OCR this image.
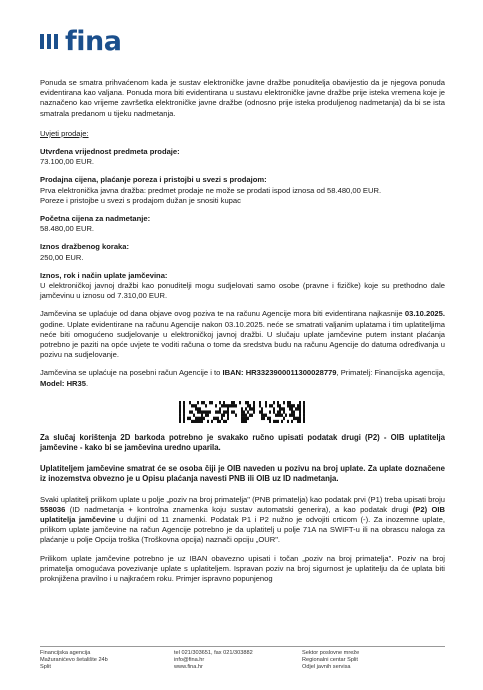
fina

Ponuda se smatra prihvaćenom kada je sustav elektroničke javne dražbe ponuditelja obavijestio da je njegova ponuda evidentirana kao valjana. Ponuda mora biti evidentirana u sustavu elektroničke javne dražbe prije isteka vremena koje je naznačeno kao vrijeme završetka elektroničke javne dražbe (odnosno prije isteka produljenog nadmetanja) da bi se ista smatrala predanom u tijeku nadmetanja.

Uvjeti prodaje:

Utvrđena vrijednost predmeta prodaje:

73.100,00 EUR.

Prodajna cijena, plaćanje poreza i pristojbi u svezi s prodajom:

Prva elektronička javna dražba: predmet prodaje ne može se prodati ispod iznosa od 58.480,00 EUR.

Poreze i pristojbe u svezi s prodajom dužan je snositi kupac

Početna cijena za nadmetanje:

58.480,00 EUR.

Iznos dražbenog koraka:

250,00 EUR.

Iznos, rok i način uplate jamčevina:

U elektroničkoj javnoj dražbi kao ponuditelji mogu sudjelovati samo osobe (pravne i fizičke) koje su prethodno dale jamčevinu u iznosu od 7.310,00 EUR.

Jamčevina se uplaćuje od dana objave ovog poziva te na računu Agencije mora biti evidentirana najkasnije 03.10.2025. godine. Uplate evidentirane na računu Agencije nakon 03.10.2025. neće se smatrati valjanim uplatama i tim uplatiteljima neće biti omogućeno sudjelovanje u elektroničkoj javnoj dražbi. U slučaju uplate jamčevine putem instant plaćanja potrebno je paziti na opće uvjete te voditi računa o tome da sredstva budu na računu Agencije do datuma određivanja u pozivu na sudjelovanje.

Jamčevina se uplaćuje na posebni račun Agencije i to IBAN: HR3323900011300028779, Primatelj: Financijska agencija, Model: HR35.

Za slučaj korištenja 2D barkoda potrebno je svakako ručno upisati podatak drugi (P2) - OIB uplatitelja jamčevine - kako bi se jamčevina uredno uparila.

Uplatiteljem jamčevine smatrat će se osoba čiji je OIB naveden u pozivu na broj uplate. Za uplate doznačene iz inozemstva obvezno je u Opisu plaćanja navesti PNB ili OIB uz ID nadmetanja.

Svaki uplatitelj prilikom uplate u polje „poziv na broj primatelja" (PNB primatelja) kao podatak prvi (P1) treba upisati broju 558036 (ID nadmetanja + kontrolna znamenka koju sustav automatski generira), a kao podatak drugi (P2) OIB uplatitelja jamčevine u duljini od 11 znamenki. Podatak P1 i P2 nužno je odvojiti crticom (-). Za inozemne uplate, prilikom uplate jamčevine na račun Agencije potrebno je da uplatitelj u polje 71A na SWIFT-u ili na obrascu naloga za plaćanje u polje Opcija troška (Troškovna opcija) naznači opciju „OUR".

Prilikom uplate jamčevine potrebno je uz IBAN obavezno upisati i točan „poziv na broj primatelja". Poziv na broj primatelja omogućava povezivanje uplate s uplatiteljem. Ispravan poziv na broj sigurnost je uplatitelju da će uplata biti proknjižena pravilno i u najkraćem roku. Primjer ispravno popunjenog

Financijska agencija
Mažuranićevo šetalište 24b
Split
tel 021/303651, fax 021/303882
info@fina.hr
www.fina.hr
Sektor poslovne mreže
Regionalni centar Split
Odjel javnih servisa
